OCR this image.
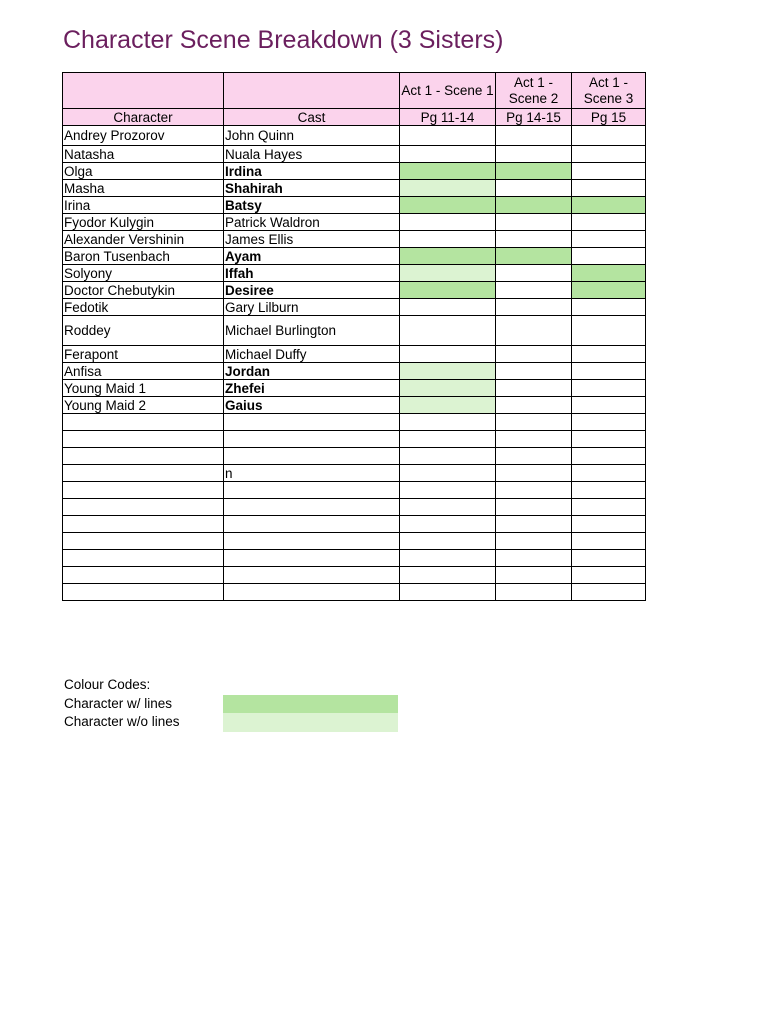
Character Scene Breakdown (3 Sisters)
		Act 1 - Scene 1	Act 1 - Scene 2	Act 1 - Scene 3
Character	Cast	Pg 11-14	Pg 14-15	Pg 15
Andrey Prozorov	John Quinn			
Natasha	Nuala Hayes			
Olga	Irdina			
Masha	Shahirah			
Irina	Batsy			
Fyodor Kulygin	Patrick Waldron			
Alexander Vershinin	James Ellis			
Baron Tusenbach	Ayam			
Solyony	Iffah			
Doctor Chebutykin	Desiree			
Fedotik	Gary Lilburn			
Roddey	Michael Burlington			
Ferapont	Michael Duffy			
Anfisa	Jordan			
Young Maid 1	Zhefei			
Young Maid 2	Gaius			

	n			

Colour Codes:
Character w/ lines
Character w/o lines
